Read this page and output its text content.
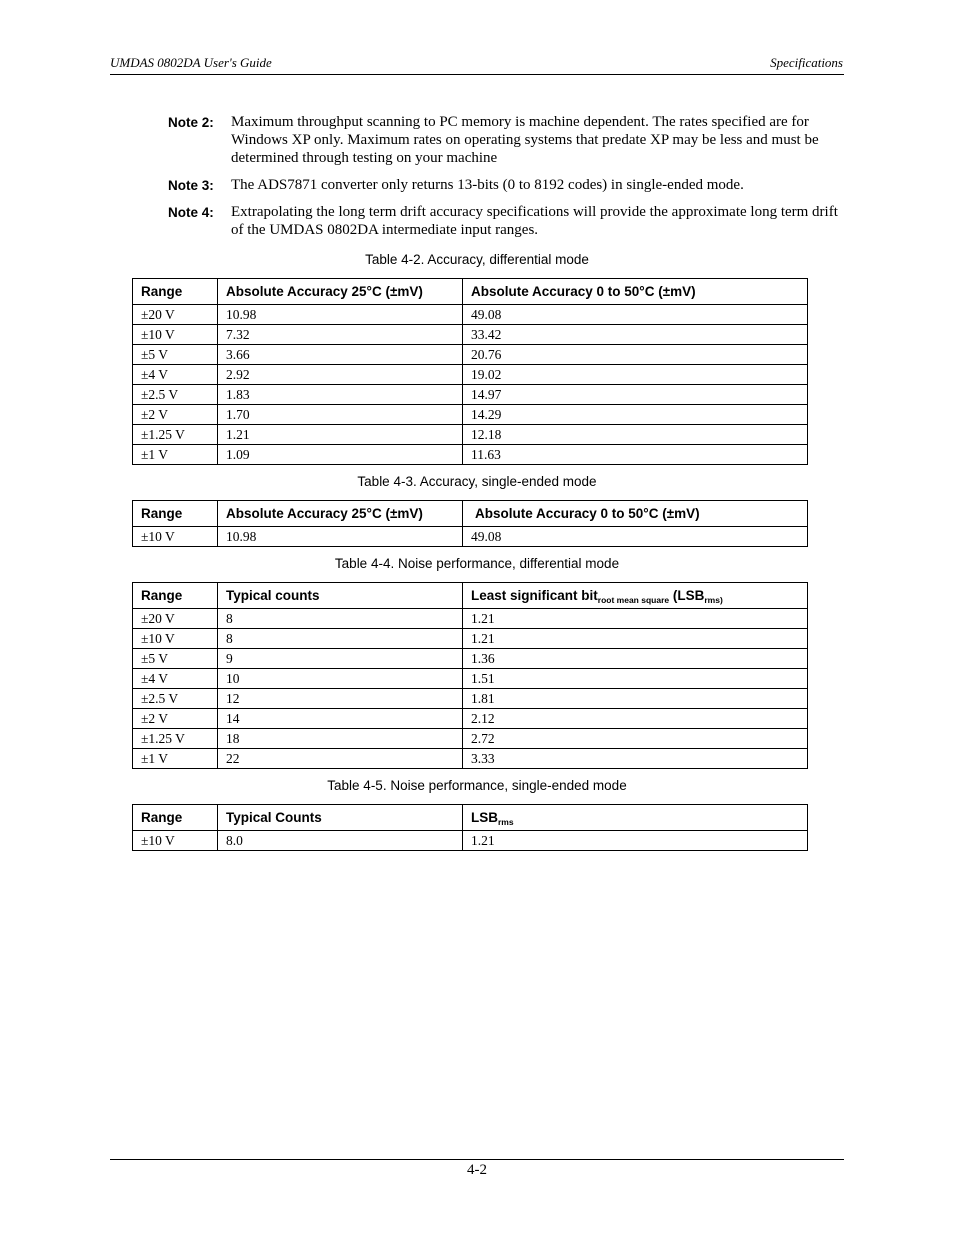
UMDAS 0802DA User's Guide	Specifications
Note 2: Maximum throughput scanning to PC memory is machine dependent. The rates specified are for Windows XP only. Maximum rates on operating systems that predate XP may be less and must be determined through testing on your machine
Note 3: The ADS7871 converter only returns 13-bits (0 to 8192 codes) in single-ended mode.
Note 4: Extrapolating the long term drift accuracy specifications will provide the approximate long term drift of the UMDAS 0802DA intermediate input ranges.
Table 4-2. Accuracy, differential mode
Range	Absolute Accuracy 25°C (±mV)	Absolute Accuracy 0 to 50°C (±mV)
±20 V	10.98	49.08
±10 V	7.32	33.42
±5 V	3.66	20.76
±4 V	2.92	19.02
±2.5 V	1.83	14.97
±2 V	1.70	14.29
±1.25 V	1.21	12.18
±1 V	1.09	11.63
Table 4-3. Accuracy, single-ended mode
Range	Absolute Accuracy 25°C (±mV)	Absolute Accuracy 0 to 50°C (±mV)
±10 V	10.98	49.08
Table 4-4. Noise performance, differential mode
Range	Typical counts	Least significant bit$_{root mean square}$ ($LSB_{rms)}$
±20 V	8	1.21
±10 V	8	1.21
±5 V	9	1.36
±4 V	10	1.51
±2.5 V	12	1.81
±2 V	14	2.12
±1.25 V	18	2.72
±1 V	22	3.33
Table 4-5. Noise performance, single-ended mode
Range	Typical Counts	$LSB_{rms}$
±10 V	8.0	1.21
4-2
